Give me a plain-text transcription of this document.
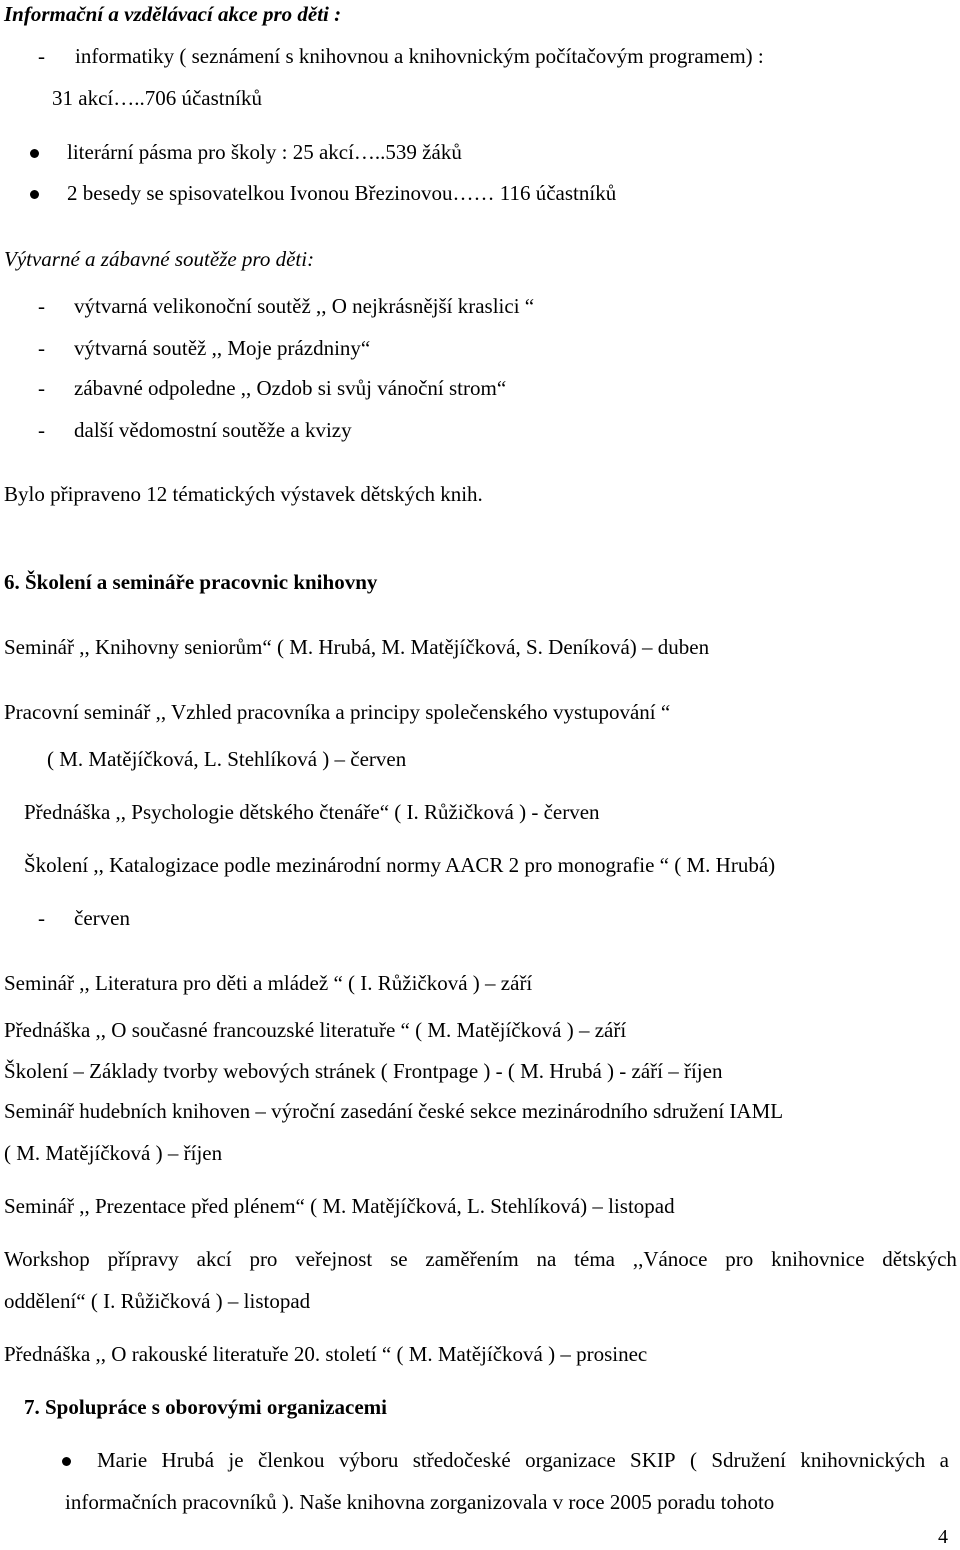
Informační a vzdělávací akce pro děti :
- informatiky ( seznámení s knihovnou a knihovnickým počítačovým programem) :
31 akcí…..706 účastníků
literární pásma pro školy : 25 akcí…..539 žáků
2 besedy se spisovatelkou Ivonou Březinovou…… 116 účastníků
Výtvarné a zábavné soutěže pro děti:
- výtvarná velikonoční soutěž ,, O nejkrásnější kraslici “
- výtvarná soutěž ,, Moje prázdniny“
- zábavné odpoledne ,, Ozdob si svůj vánoční strom“
- další vědomostní soutěže a kvizy
Bylo připraveno 12 tématických výstavek dětských knih.
6. Školení a semináře pracovnic knihovny
Seminář ,, Knihovny seniorům“ ( M. Hrubá, M. Matějíčková, S. Deníková) – duben
Pracovní seminář ,, Vzhled pracovníka a principy společenského vystupování “
( M. Matějíčková, L. Stehlíková ) – červen
Přednáška ,, Psychologie dětského čtenáře“ ( I. Růžičková ) - červen
Školení ,, Katalogizace podle mezinárodní normy AACR 2 pro monografie “ ( M. Hrubá)
- červen
Seminář ,, Literatura pro děti a mládež “ ( I. Růžičková ) – září
Přednáška ,, O současné francouzské literatuře “ ( M. Matějíčková ) – září
Školení – Základy tvorby webových stránek ( Frontpage ) - ( M. Hrubá ) - září – říjen
Seminář hudebních knihoven – výroční zasedání české sekce mezinárodního sdružení IAML
( M. Matějíčková ) – říjen
Seminář ,, Prezentace před plénem“ ( M. Matějíčková, L. Stehlíková) – listopad
Workshop přípravy akcí pro veřejnost se zaměřením na téma ,,Vánoce pro knihovnice dětských
oddělení“ ( I. Růžičková ) – listopad
Přednáška ,, O rakouské literatuře 20. století “ ( M. Matějíčková ) – prosinec
7. Spolupráce s oborovými organizacemi
Marie Hrubá je členkou výboru středočeské organizace SKIP ( Sdružení knihovnických a
informačních pracovníků ). Naše knihovna zorganizovala v roce 2005 poradu tohoto
4
